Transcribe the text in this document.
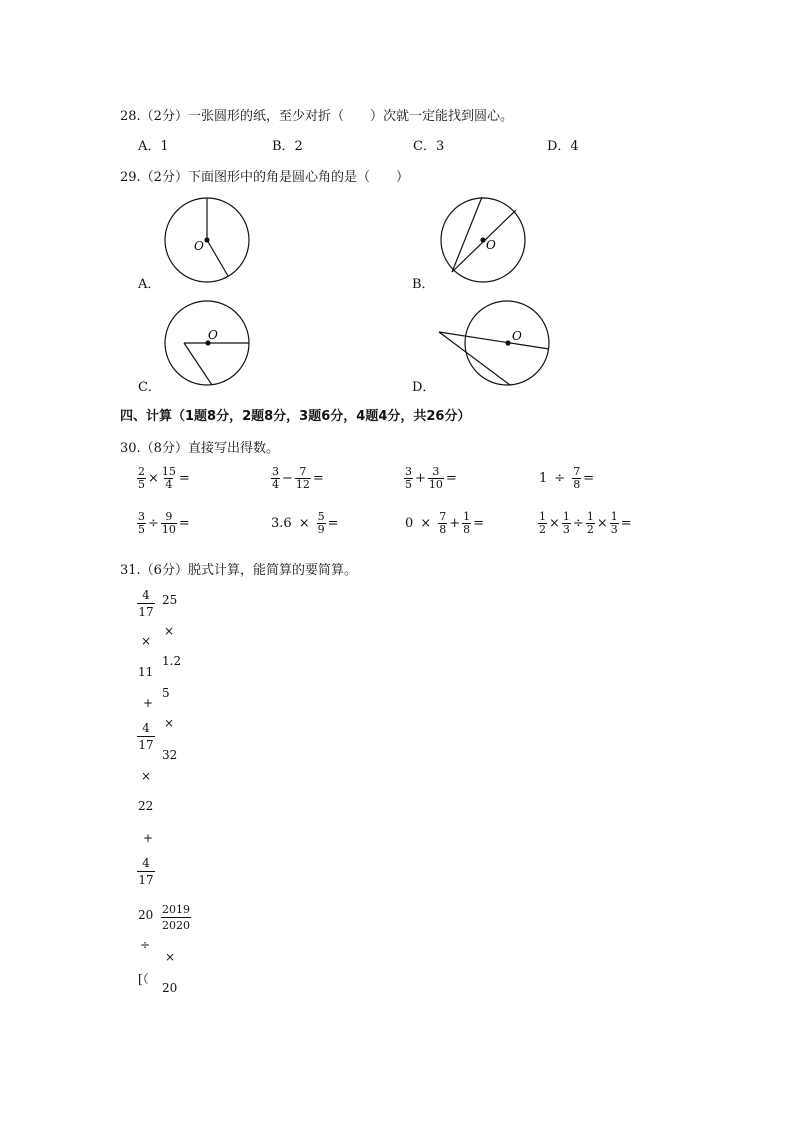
28.（2分）一张圆形的纸，至少对折（　　）次就一定能找到圆心。
A．1	B．2	C．3	D．4
29.（2分）下面图形中的角是圆心角的是（　　）
O
A．
O
B．
O
C．
O
D．
四、计算（1题8分，2题8分，3题6分，4题4分，共26分）
30.（8分）直接写出得数。
$\frac{2}{5} \times \frac{15}{4}$ =	$\frac{3}{4} - \frac{7}{12}$ =	$\frac{3}{5} + \frac{3}{10}$ =	$1 \div \frac{7}{8}$ =
$\frac{3}{5} \div \frac{9}{10}$ =	$3.6 \times \frac{5}{9}$ =	$0 \times \frac{7}{8} + \frac{1}{8}$ =	$\frac{1}{2} \times \frac{1}{3} \div \frac{1}{2} \times \frac{1}{3}$ =
31.（6分）脱式计算，能简算的要简算。
$\frac{4}{17}$
×
11
+
$\frac{4}{17}$
×
22
+
$\frac{4}{17}$
20
÷
[（
25
×
1.2
5
×
32
$\frac{2019}{2020}$
×
20
